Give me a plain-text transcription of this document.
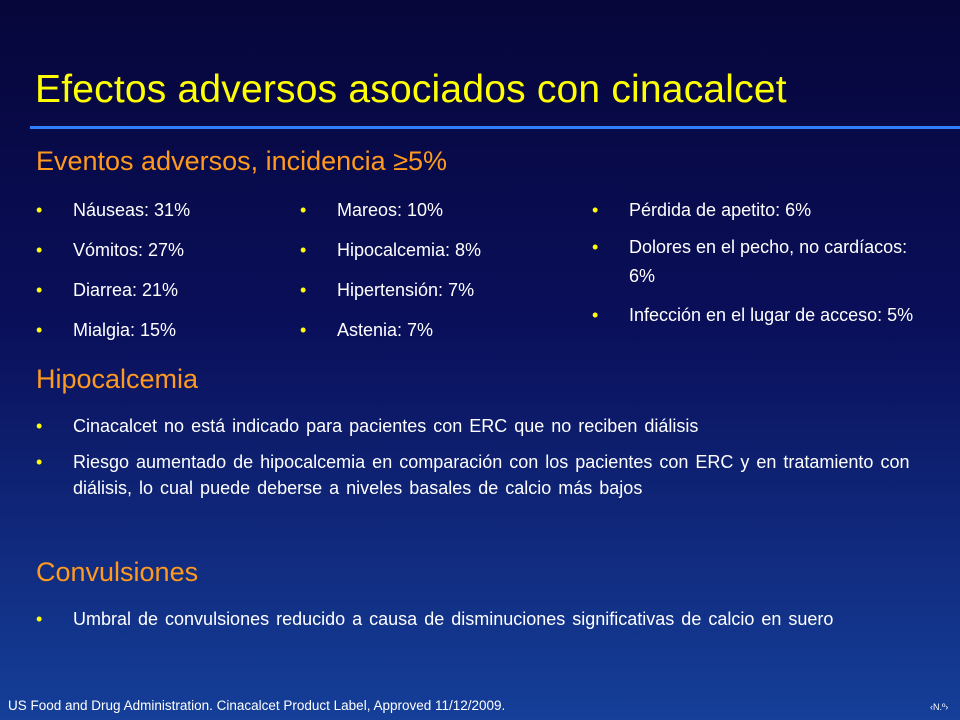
Efectos adversos asociados con cinacalcet
Eventos adversos, incidencia ≥5%
• Náuseas: 31%
• Vómitos: 27%
• Diarrea: 21%
• Mialgia: 15%
• Mareos: 10%
• Hipocalcemia: 8%
• Hipertensión: 7%
• Astenia: 7%
• Pérdida de apetito: 6%
• Dolores en el pecho, no cardíacos: 6%
• Infección en el lugar de acceso: 5%
Hipocalcemia
• Cinacalcet no está indicado para pacientes con ERC que no reciben diálisis
• Riesgo aumentado de hipocalcemia en comparación con los pacientes con ERC y en tratamiento con diálisis, lo cual puede deberse a niveles basales de calcio más bajos
Convulsiones
• Umbral de convulsiones reducido a causa de disminuciones significativas de calcio en suero
US Food and Drug Administration. Cinacalcet Product Label, Approved 11/12/2009.	‹N.º›
